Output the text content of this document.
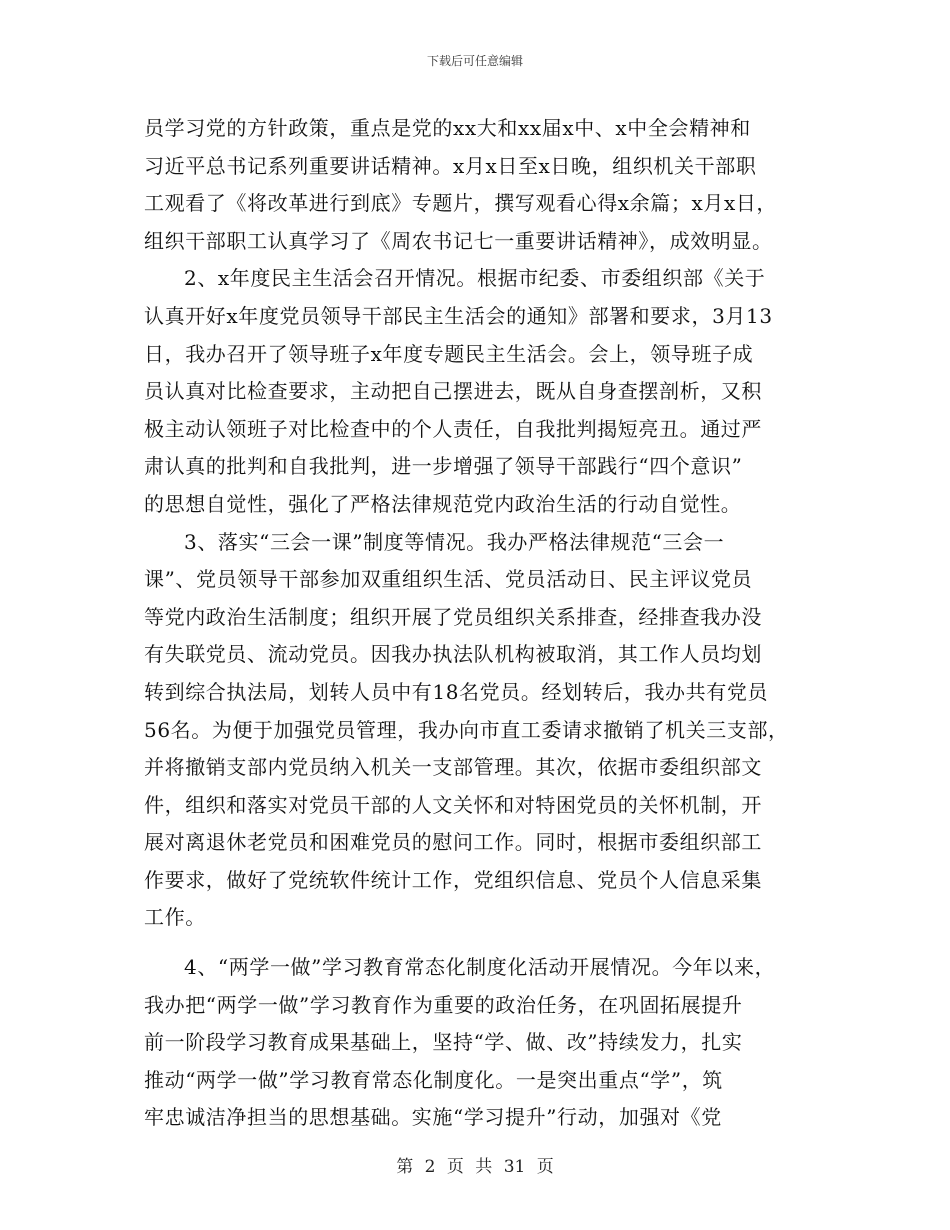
下载后可任意编辑
员学习党的方针政策，重点是党的xx大和xx届x中、x中全会精神和
习近平总书记系列重要讲话精神。x月x日至x日晚，组织机关干部职
工观看了《将改革进行到底》专题片，撰写观看心得x余篇；x月x日，
组织干部职工认真学习了《周农书记七一重要讲话精神》，成效明显。
2、x年度民主生活会召开情况。根据市纪委、市委组织部《关于
认真开好x年度党员领导干部民主生活会的通知》部署和要求，3月13
日，我办召开了领导班子x年度专题民主生活会。会上，领导班子成
员认真对比检查要求，主动把自己摆进去，既从自身查摆剖析，又积
极主动认领班子对比检查中的个人责任，自我批判揭短亮丑。通过严
肃认真的批判和自我批判，进一步增强了领导干部践行“四个意识”
的思想自觉性，强化了严格法律规范党内政治生活的行动自觉性。
3、落实“三会一课”制度等情况。我办严格法律规范“三会一
课”、党员领导干部参加双重组织生活、党员活动日、民主评议党员
等党内政治生活制度；组织开展了党员组织关系排查，经排查我办没
有失联党员、流动党员。因我办执法队机构被取消，其工作人员均划
转到综合执法局，划转人员中有18名党员。经划转后，我办共有党员
56名。为便于加强党员管理，我办向市直工委请求撤销了机关三支部，
并将撤销支部内党员纳入机关一支部管理。其次，依据市委组织部文
件，组织和落实对党员干部的人文关怀和对特困党员的关怀机制，开
展对离退休老党员和困难党员的慰问工作。同时，根据市委组织部工
作要求，做好了党统软件统计工作，党组织信息、党员个人信息采集
工作。
4、“两学一做”学习教育常态化制度化活动开展情况。今年以来，
我办把“两学一做”学习教育作为重要的政治任务，在巩固拓展提升
前一阶段学习教育成果基础上，坚持“学、做、改”持续发力，扎实
推动“两学一做”学习教育常态化制度化。一是突出重点“学”，筑
牢忠诚洁净担当的思想基础。实施“学习提升”行动，加强对《党
第 2 页 共 31 页
